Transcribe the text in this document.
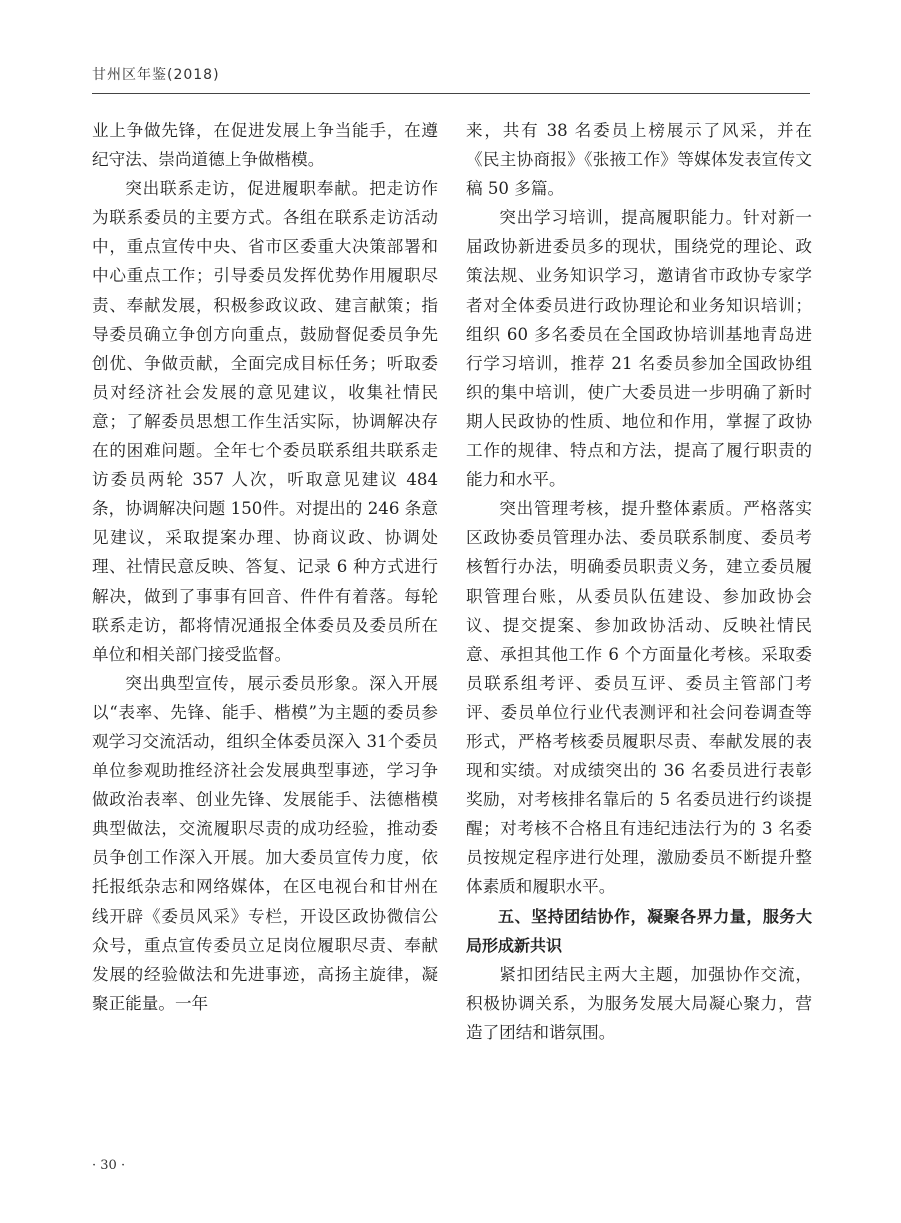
甘州区年鉴(2018)

业上争做先锋，在促进发展上争当能手，在遵纪守法、崇尚道德上争做楷模。

突出联系走访，促进履职奉献。把走访作为联系委员的主要方式。各组在联系走访活动中，重点宣传中央、省市区委重大决策部署和中心重点工作；引导委员发挥优势作用履职尽责、奉献发展，积极参政议政、建言献策；指导委员确立争创方向重点，鼓励督促委员争先创优、争做贡献，全面完成目标任务；听取委员对经济社会发展的意见建议，收集社情民意；了解委员思想工作生活实际，协调解决存在的困难问题。全年七个委员联系组共联系走访委员两轮 357 人次，听取意见建议 484 条，协调解决问题 150件。对提出的 246 条意见建议，采取提案办理、协商议政、协调处理、社情民意反映、答复、记录 6 种方式进行解决，做到了事事有回音、件件有着落。每轮联系走访，都将情况通报全体委员及委员所在单位和相关部门接受监督。

突出典型宣传，展示委员形象。深入开展以“表率、先锋、能手、楷模”为主题的委员参观学习交流活动，组织全体委员深入 31个委员单位参观助推经济社会发展典型事迹，学习争做政治表率、创业先锋、发展能手、法德楷模典型做法，交流履职尽责的成功经验，推动委员争创工作深入开展。加大委员宣传力度，依托报纸杂志和网络媒体，在区电视台和甘州在线开辟《委员风采》专栏，开设区政协微信公众号，重点宣传委员立足岗位履职尽责、奉献发展的经验做法和先进事迹，高扬主旋律，凝聚正能量。一年

来，共有 38 名委员上榜展示了风采，并在《民主协商报》《张掖工作》等媒体发表宣传文稿 50 多篇。

突出学习培训，提高履职能力。针对新一届政协新进委员多的现状，围绕党的理论、政策法规、业务知识学习，邀请省市政协专家学者对全体委员进行政协理论和业务知识培训；组织 60 多名委员在全国政协培训基地青岛进行学习培训，推荐 21 名委员参加全国政协组织的集中培训，使广大委员进一步明确了新时期人民政协的性质、地位和作用，掌握了政协工作的规律、特点和方法，提高了履行职责的能力和水平。

突出管理考核，提升整体素质。严格落实区政协委员管理办法、委员联系制度、委员考核暂行办法，明确委员职责义务，建立委员履职管理台账，从委员队伍建设、参加政协会议、提交提案、参加政协活动、反映社情民意、承担其他工作 6 个方面量化考核。采取委员联系组考评、委员互评、委员主管部门考评、委员单位行业代表测评和社会问卷调查等形式，严格考核委员履职尽责、奉献发展的表现和实绩。对成绩突出的 36 名委员进行表彰奖励，对考核排名靠后的 5 名委员进行约谈提醒；对考核不合格且有违纪违法行为的 3 名委员按规定程序进行处理，激励委员不断提升整体素质和履职水平。

五、坚持团结协作，凝聚各界力量，服务大局形成新共识

紧扣团结民主两大主题，加强协作交流，积极协调关系，为服务发展大局凝心聚力，营造了团结和谐氛围。

· 30 ·
